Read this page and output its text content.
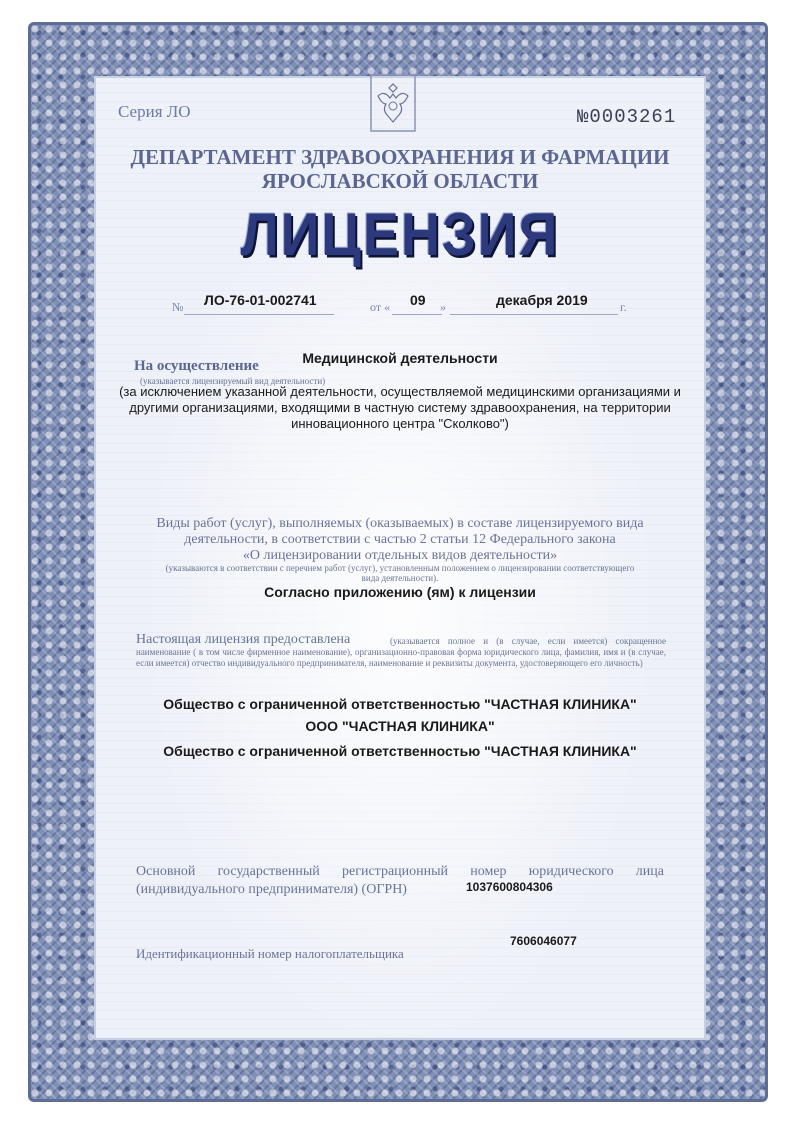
Серия ЛО	№0003261
ДЕПАРТАМЕНТ ЗДРАВООХРАНЕНИЯ И ФАРМАЦИИ
ЯРОСЛАВСКОЙ ОБЛАСТИ
ЛИЦЕНЗИЯ
№ ЛО-76-01-002741	от « 09 »	декабря 2019	г.
На осуществление	Медицинской деятельности
(указывается лицензируемый вид деятельности)
(за исключением указанной деятельности, осуществляемой медицинскими организациями и другими организациями, входящими в частную систему здравоохранения, на территории инновационного центра "Сколково")
Виды работ (услуг), выполняемых (оказываемых) в составе лицензируемого вида
деятельности, в соответствии с частью 2 статьи 12 Федерального закона
«О лицензировании отдельных видов деятельности»
(указываются в соответствии с перечнем работ (услуг), установленным положением о лицензировании соответствующего
вида деятельности).
Согласно приложению (ям) к лицензии
Настоящая лицензия предоставлена	(указывается полное и (в случае, если имеется) сокращенное наименование ( в том числе фирменное наименование), организационно-правовая форма юридического лица, фамилия, имя и (в случае, если имеется) отчество индивидуального предпринимателя, наименование и реквизиты документа, удостоверяющего его личность)
Общество с ограниченной ответственностью "ЧАСТНАЯ КЛИНИКА"
ООО "ЧАСТНАЯ КЛИНИКА"
Общество с ограниченной ответственностью "ЧАСТНАЯ КЛИНИКА"
Основной государственный регистрационный номер юридического лица
(индивидуального предпринимателя) (ОГРН)	1037600804306
Идентификационный номер налогоплательщика
7606046077
